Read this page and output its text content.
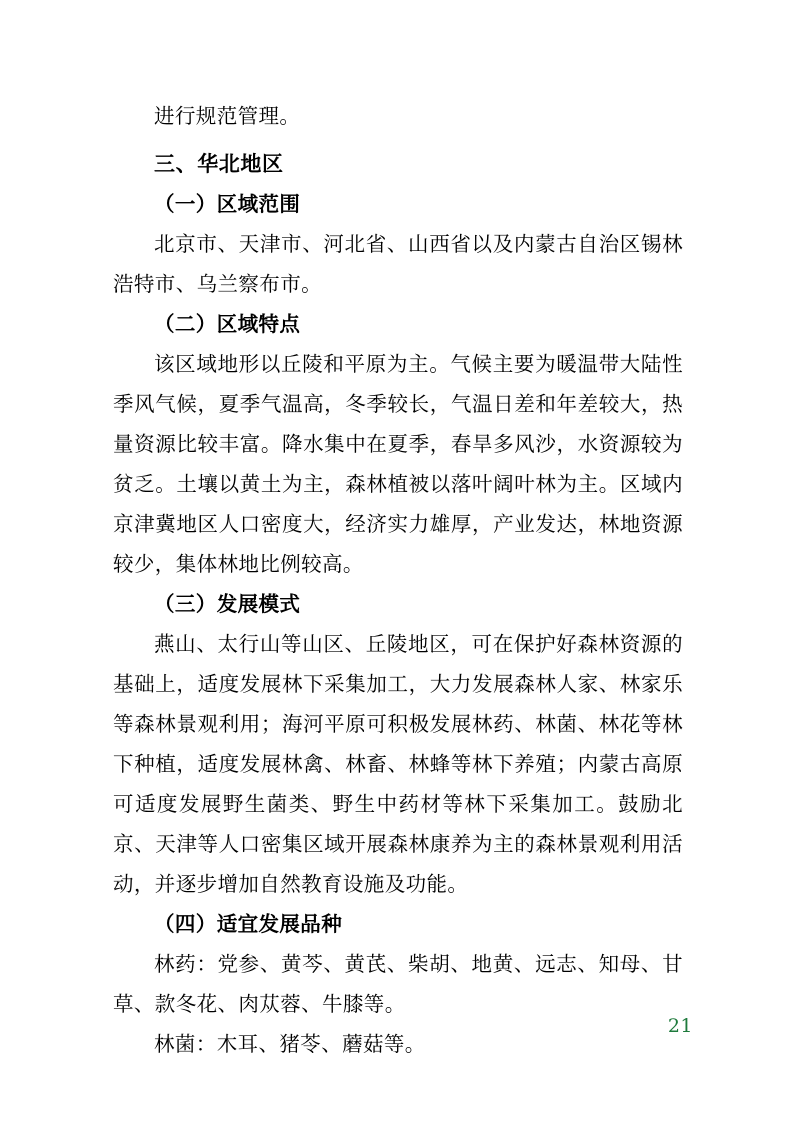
进行规范管理。

三、华北地区

（一）区域范围

北京市、天津市、河北省、山西省以及内蒙古自治区锡林浩特市、乌兰察布市。

（二）区域特点

该区域地形以丘陵和平原为主。气候主要为暖温带大陆性季风气候，夏季气温高，冬季较长，气温日差和年差较大，热量资源比较丰富。降水集中在夏季，春旱多风沙，水资源较为贫乏。土壤以黄土为主，森林植被以落叶阔叶林为主。区域内京津冀地区人口密度大，经济实力雄厚，产业发达，林地资源较少，集体林地比例较高。

（三）发展模式

燕山、太行山等山区、丘陵地区，可在保护好森林资源的基础上，适度发展林下采集加工，大力发展森林人家、林家乐等森林景观利用；海河平原可积极发展林药、林菌、林花等林下种植，适度发展林禽、林畜、林蜂等林下养殖；内蒙古高原可适度发展野生菌类、野生中药材等林下采集加工。鼓励北京、天津等人口密集区域开展森林康养为主的森林景观利用活动，并逐步增加自然教育设施及功能。

（四）适宜发展品种

林药：党参、黄芩、黄芪、柴胡、地黄、远志、知母、甘草、款冬花、肉苁蓉、牛膝等。

林菌：木耳、猪苓、蘑菇等。

21
